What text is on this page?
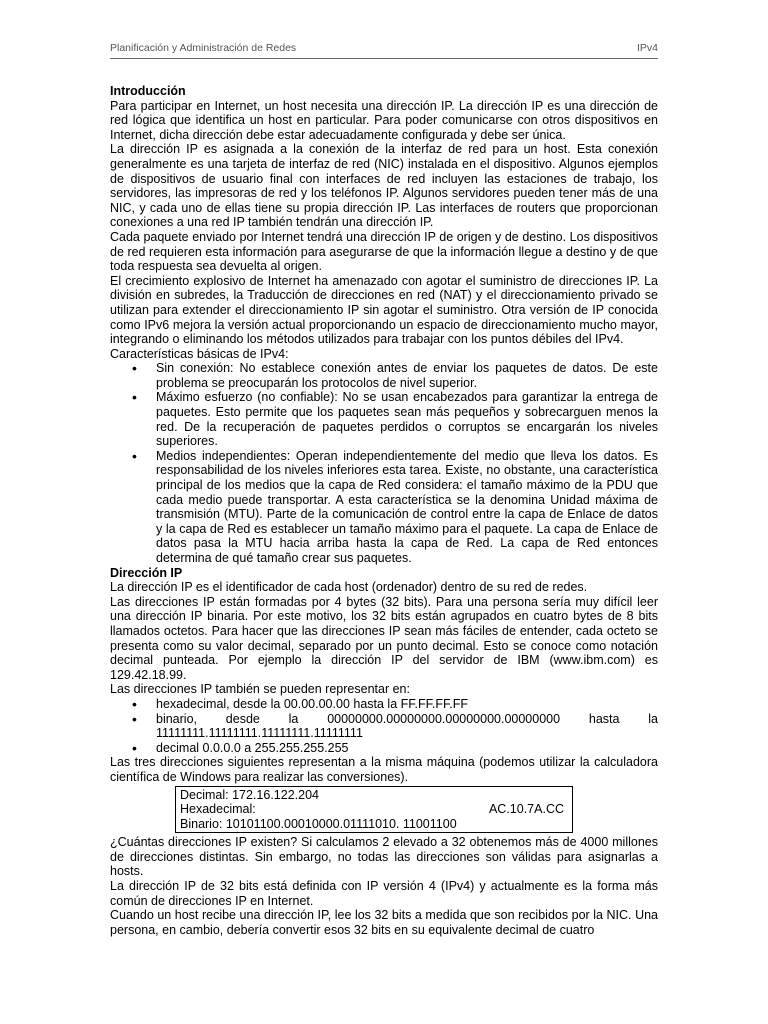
Planificación y Administración de Redes	IPv4
Introducción

Para participar en Internet, un host necesita una dirección IP. La dirección IP es una dirección de red lógica que identifica un host en particular. Para poder comunicarse con otros dispositivos en Internet, dicha dirección debe estar adecuadamente configurada y debe ser única.

La dirección IP es asignada a la conexión de la interfaz de red para un host. Esta conexión generalmente es una tarjeta de interfaz de red (NIC) instalada en el dispositivo. Algunos ejemplos de dispositivos de usuario final con interfaces de red incluyen las estaciones de trabajo, los servidores, las impresoras de red y los teléfonos IP. Algunos servidores pueden tener más de una NIC, y cada uno de ellas tiene su propia dirección IP. Las interfaces de routers que proporcionan conexiones a una red IP también tendrán una dirección IP.

Cada paquete enviado por Internet tendrá una dirección IP de origen y de destino. Los dispositivos de red requieren esta información para asegurarse de que la información llegue a destino y de que toda respuesta sea devuelta al origen.

El crecimiento explosivo de Internet ha amenazado con agotar el suministro de direcciones IP. La división en subredes, la Traducción de direcciones en red (NAT) y el direccionamiento privado se utilizan para extender el direccionamiento IP sin agotar el suministro. Otra versión de IP conocida como IPv6 mejora la versión actual proporcionando un espacio de direccionamiento mucho mayor, integrando o eliminando los métodos utilizados para trabajar con los puntos débiles del IPv4.

Características básicas de IPv4:

• Sin conexión: No establece conexión antes de enviar los paquetes de datos. De este problema se preocuparán los protocolos de nivel superior.
• Máximo esfuerzo (no confiable): No se usan encabezados para garantizar la entrega de paquetes. Esto permite que los paquetes sean más pequeños y sobrecarguen menos la red. De la recuperación de paquetes perdidos o corruptos se encargarán los niveles superiores.
• Medios independientes: Operan independientemente del medio que lleva los datos. Es responsabilidad de los niveles inferiores esta tarea. Existe, no obstante, una característica principal de los medios que la capa de Red considera: el tamaño máximo de la PDU que cada medio puede transportar. A esta característica se la denomina Unidad máxima de transmisión (MTU). Parte de la comunicación de control entre la capa de Enlace de datos y la capa de Red es establecer un tamaño máximo para el paquete. La capa de Enlace de datos pasa la MTU hacia arriba hasta la capa de Red. La capa de Red entonces determina de qué tamaño crear sus paquetes.
Dirección IP

La dirección IP es el identificador de cada host (ordenador) dentro de su red de redes.

Las direcciones IP están formadas por 4 bytes (32 bits). Para una persona sería muy difícil leer una dirección IP binaria. Por este motivo, los 32 bits están agrupados en cuatro bytes de 8 bits llamados octetos. Para hacer que las direcciones IP sean más fáciles de entender, cada octeto se presenta como su valor decimal, separado por un punto decimal. Esto se conoce como notación decimal punteada. Por ejemplo la dirección IP del servidor de IBM (www.ibm.com) es 129.42.18.99.

Las direcciones IP también se pueden representar en:

• hexadecimal, desde la 00.00.00.00 hasta la FF.FF.FF.FF
• binario, desde la 00000000.00000000.00000000.00000000 hasta la
11111111.11111111.11111111.11111111
• decimal 0.0.0.0 a 255.255.255.255

Las tres direcciones siguientes representan a la misma máquina (podemos utilizar la calculadora científica de Windows para realizar las conversiones).

Decimal: 172.16.122.204
Hexadecimal:	AC.10.7A.CC
Binario: 10101100.00010000.01111010. 11001100

¿Cuántas direcciones IP existen? Si calculamos 2 elevado a 32 obtenemos más de 4000 millones de direcciones distintas. Sin embargo, no todas las direcciones son válidas para asignarlas a hosts.

La dirección IP de 32 bits está definida con IP versión 4 (IPv4) y actualmente es la forma más común de direcciones IP en Internet.

Cuando un host recibe una dirección IP, lee los 32 bits a medida que son recibidos por la NIC. Una persona, en cambio, debería convertir esos 32 bits en su equivalente decimal de cuatro
